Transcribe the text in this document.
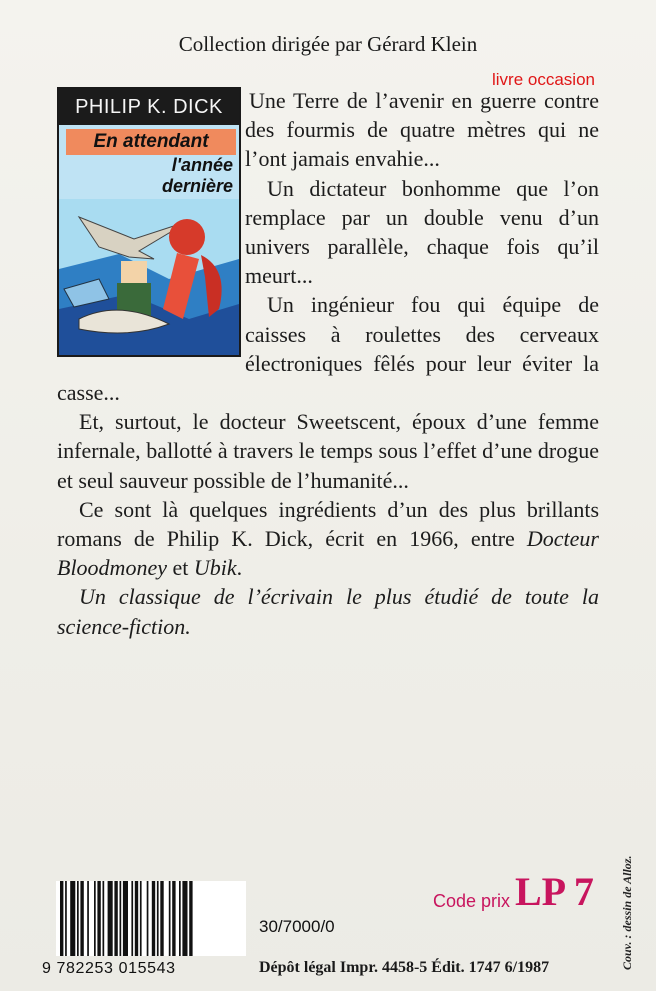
Collection dirigée par Gérard Klein
livre occasion
PHILIP K. DICK
En attendant
l'année
dernière

Une Terre de l’avenir en guerre contre des fourmis de quatre mètres qui ne l’ont jamais envahie...

Un dictateur bonhomme que l’on remplace par un double venu d’un univers parallèle, chaque fois qu’il meurt...

Un ingénieur fou qui équipe de caisses à roulettes des cerveaux électroniques fêlés pour leur éviter la casse...

Et, surtout, le docteur Sweetscent, époux d’une femme infernale, ballotté à travers le temps sous l’effet d’une drogue et seul sauveur possible de l’humanité...

Ce sont là quelques ingrédients d’un des plus brillants romans de Philip K. Dick, écrit en 1966, entre Docteur Bloodmoney et Ubik.

Un classique de l’écrivain le plus étudié de toute la science-fiction.

9 782253 015543
Code prix LP 7
30/7000/0
Dépôt légal Impr. 4458-5 Édit. 1747 6/1987	Couv. : dessin de Alloz.
